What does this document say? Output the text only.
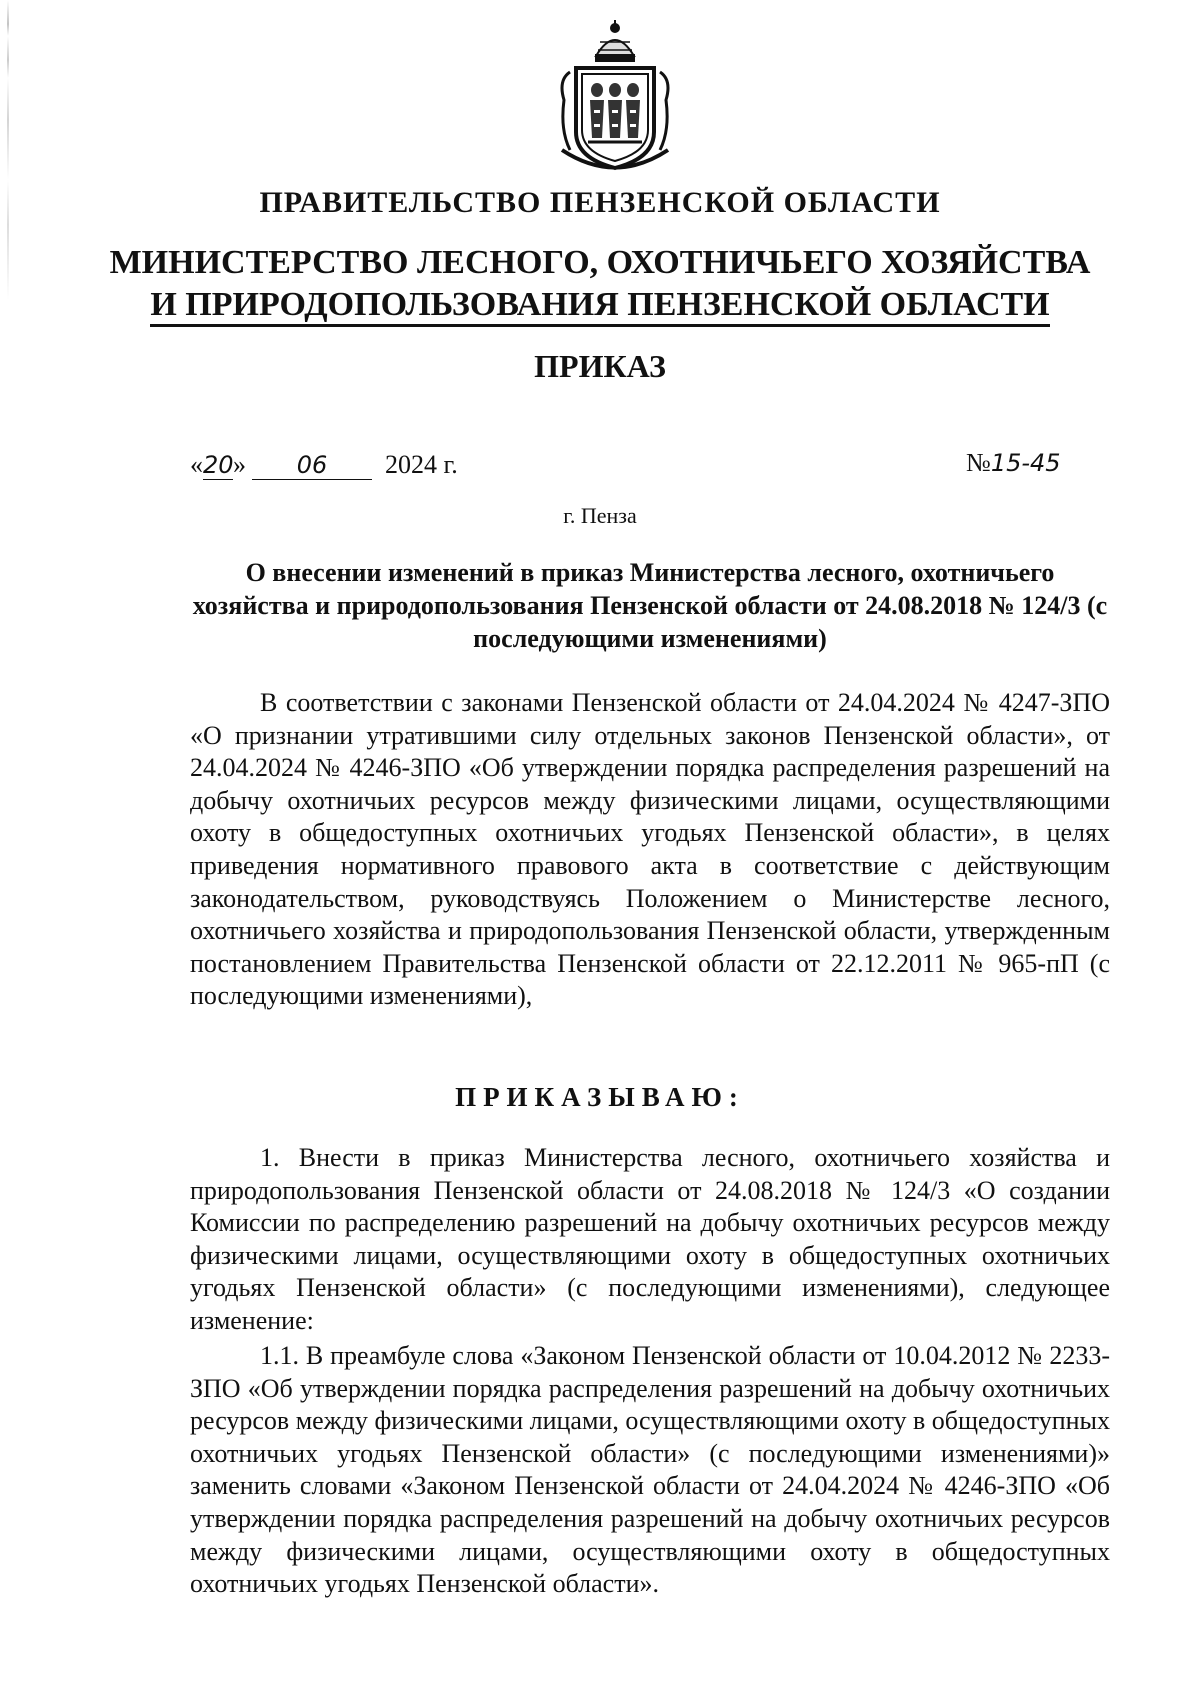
ПРАВИТЕЛЬСТВО ПЕНЗЕНСКОЙ ОБЛАСТИ
МИНИСТЕРСТВО ЛЕСНОГО, ОХОТНИЧЬЕГО ХОЗЯЙСТВА
И ПРИРОДОПОЛЬЗОВАНИЯ ПЕНЗЕНСКОЙ ОБЛАСТИ
ПРИКАЗ
«20» 06 2024 г.	№15-45
г. Пенза
О внесении изменений в приказ Министерства лесного, охотничьего хозяйства и природопользования Пензенской области от 24.08.2018 № 124/3 (с последующими изменениями)
В соответствии с законами Пензенской области от 24.04.2024 № 4247-ЗПО «О признании утратившими силу отдельных законов Пензенской области», от 24.04.2024 № 4246-ЗПО «Об утверждении порядка распределения разрешений на добычу охотничьих ресурсов между физическими лицами, осуществляющими охоту в общедоступных охотничьих угодьях Пензенской области», в целях приведения нормативного правового акта в соответствие с действующим законодательством, руководствуясь Положением о Министерстве лесного, охотничьего хозяйства и природопользования Пензенской области, утвержденным постановлением Правительства Пензенской области от 22.12.2011 № 965-пП (с последующими изменениями),
ПРИКАЗЫВАЮ:
1. Внести в приказ Министерства лесного, охотничьего хозяйства и природопользования Пензенской области от 24.08.2018 № 124/3 «О создании Комиссии по распределению разрешений на добычу охотничьих ресурсов между физическими лицами, осуществляющими охоту в общедоступных охотничьих угодьях Пензенской области» (с последующими изменениями), следующее изменение:
1.1. В преамбуле слова «Законом Пензенской области от 10.04.2012 № 2233-ЗПО «Об утверждении порядка распределения разрешений на добычу охотничьих ресурсов между физическими лицами, осуществляющими охоту в общедоступных охотничьих угодьях Пензенской области» (с последующими изменениями)» заменить словами «Законом Пензенской области от 24.04.2024 № 4246-ЗПО «Об утверждении порядка распределения разрешений на добычу охотничьих ресурсов между физическими лицами, осуществляющими охоту в общедоступных охотничьих угодьях Пензенской области».
